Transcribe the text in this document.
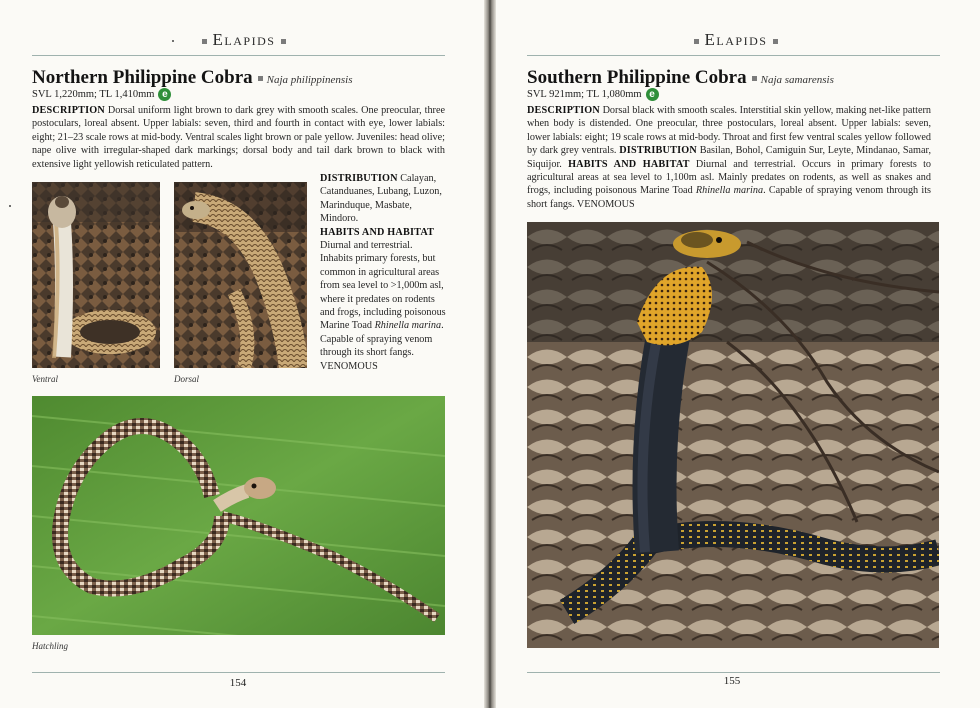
Elapids
Northern Philippine Cobra Naja philippinensis
SVL 1,220mm; TL 1,410mm e
DESCRIPTION Dorsal uniform light brown to dark grey with smooth scales. One preocular, three postoculars, loreal absent. Upper labials: seven, third and fourth in contact with eye, lower labials: eight; 21–23 scale rows at mid-body. Ventral scales light brown or pale yellow. Juveniles: head olive; nape olive with irregular-shaped dark markings; dorsal body and tail dark brown to black with extensive light yellowish reticulated pattern.
Ventral	Dorsal
DISTRIBUTION Calayan, Catanduanes, Lubang, Luzon, Marinduque, Masbate, Mindoro.
HABITS AND HABITAT
Diurnal and terrestrial. Inhabits primary forests, but common in agricultural areas from sea level to >1,000m asl, where it predates on rodents and frogs, including poisonous Marine Toad Rhinella marina. Capable of spraying venom through its short fangs. VENOMOUS
Hatchling
154
Elapids
Southern Philippine Cobra Naja samarensis
SVL 921mm; TL 1,080mm e
DESCRIPTION Dorsal black with smooth scales. Interstitial skin yellow, making net-like pattern when body is distended. One preocular, three postoculars, loreal absent. Upper labials: seven, lower labials: eight; 19 scale rows at mid-body. Throat and first few ventral scales yellow followed by dark grey ventrals. DISTRIBUTION Basilan, Bohol, Camiguin Sur, Leyte, Mindanao, Samar, Siquijor. HABITS AND HABITAT Diurnal and terrestrial. Occurs in primary forests to agricultural areas at sea level to 1,100m asl. Mainly predates on rodents, as well as snakes and frogs, including poisonous Marine Toad Rhinella marina. Capable of spraying venom through its short fangs. VENOMOUS
155
